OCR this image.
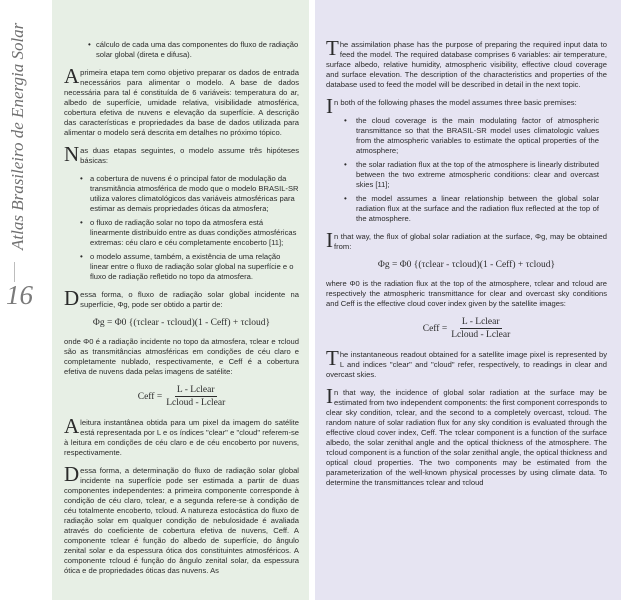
Atlas Brasileiro de Energia Solar
16
• cálculo de cada uma das componentes do fluxo de radiação solar global (direta e difusa).

A primeira etapa tem como objetivo preparar os dados de entrada necessários para alimentar o modelo. A base de dados necessária para tal é constituída de 6 variáveis: temperatura do ar, albedo de superfície, umidade relativa, visibilidade atmosférica, cobertura efetiva de nuvens e elevação da superfície. A descrição das características e propriedades da base de dados utilizada para alimentar o modelo será descrita em detalhes no próximo tópico.

Nas duas etapas seguintes, o modelo assume três hipóteses básicas:

• a cobertura de nuvens é o principal fator de modulação da transmitância atmosférica de modo que o modelo BRASIL-SR utiliza valores climatológicos das variáveis atmosféricas para estimar as demais propriedades óticas da atmosfera;
• o fluxo de radiação solar no topo da atmosfera está linearmente distribuído entre as duas condições atmosféricas extremas: céu claro e céu completamente encoberto [11];
• o modelo assume, também, a existência de uma relação linear entre o fluxo de radiação solar global na superfície e o fluxo de radiação refletido no topo da atmosfera.

Dessa forma, o fluxo de radiação solar global incidente na superfície, Φg, pode ser obtido a partir de:

Φg = Φ0 {(τclear - τcloud)(1 - Ceff) + τcloud}

onde Φ0 é a radiação incidente no topo da atmosfera, τclear e τcloud são as transmitâncias atmosféricas em condições de céu claro e completamente nublado, respectivamente, e Ceff é a cobertura efetiva de nuvens dada pelas imagens de satélite:

Ceff = $\frac{\text{L - Lclear}}{\text{Lcloud - Lclear}}$

A leitura instantânea obtida para um pixel da imagem do satélite está representada por L e os índices "clear" e "cloud" referem-se à leitura em condições de céu claro e de céu encoberto por nuvens, respectivamente.

Dessa forma, a determinação do fluxo de radiação solar global incidente na superfície pode ser estimada a partir de duas componentes independentes: a primeira componente corresponde à condição de céu claro, τclear, e a segunda refere-se à condição de céu totalmente encoberto, τcloud. A natureza estocástica do fluxo de radiação solar em qualquer condição de nebulosidade é avaliada através do coeficiente de cobertura efetiva de nuvens, Ceff. A componente τclear é função do albedo de superfície, do ângulo zenital solar e da espessura ótica dos constituintes atmosféricos. A componente τcloud é função do ângulo zenital solar, da espessura ótica e de propriedades óticas das nuvens. As

The assimilation phase has the purpose of preparing the required input data to feed the model. The required database comprises 6 variables: air temperature, surface albedo, relative humidity, atmospheric visibility, effective cloud coverage and surface elevation. The description of the characteristics and properties of the database used to feed the model will be described in detail in the next topic.

In both of the following phases the model assumes three basic premises:

• the cloud coverage is the main modulating factor of atmospheric transmittance so that the BRASIL-SR model uses climatologic values from the atmospheric variables to estimate the optical properties of the atmosphere;
• the solar radiation flux at the top of the atmosphere is linearly distributed between the two extreme atmospheric conditions: clear and overcast skies [11];
• the model assumes a linear relationship between the global solar radiation flux at the surface and the radiation flux reflected at the top of the atmosphere.

In that way, the flux of global solar radiation at the surface, Φg, may be obtained from:

Φg = Φ0 {(τclear - τcloud)(1 - Ceff) + τcloud}

where Φ0 is the radiation flux at the top of the atmosphere, τclear and τcloud are respectively the atmospheric transmittance for clear and overcast sky conditions and Ceff is the effective cloud cover index given by the satellite images:

Ceff = $\frac{\text{L - Lclear}}{\text{Lcloud - Lclear}}$

The instantaneous readout obtained for a satellite image pixel is represented by L and indices "clear" and "cloud" refer, respectively, to readings in clear and overcast skies.

In that way, the incidence of global solar radiation at the surface may be estimated from two independent components: the first component corresponds to clear sky condition, τclear, and the second to a completely overcast, τcloud. The random nature of solar radiation flux for any sky condition is evaluated through the effective cloud cover index, Ceff. The τclear component is a function of the surface albedo, the solar zenithal angle and the optical thickness of the atmosphere. The τcloud component is a function of the solar zenithal angle, the optical thickness and optical cloud properties. The two components may be estimated from the parameterization of the well-known physical processes by using climate data. To determine the transmittances τclear and τcloud
